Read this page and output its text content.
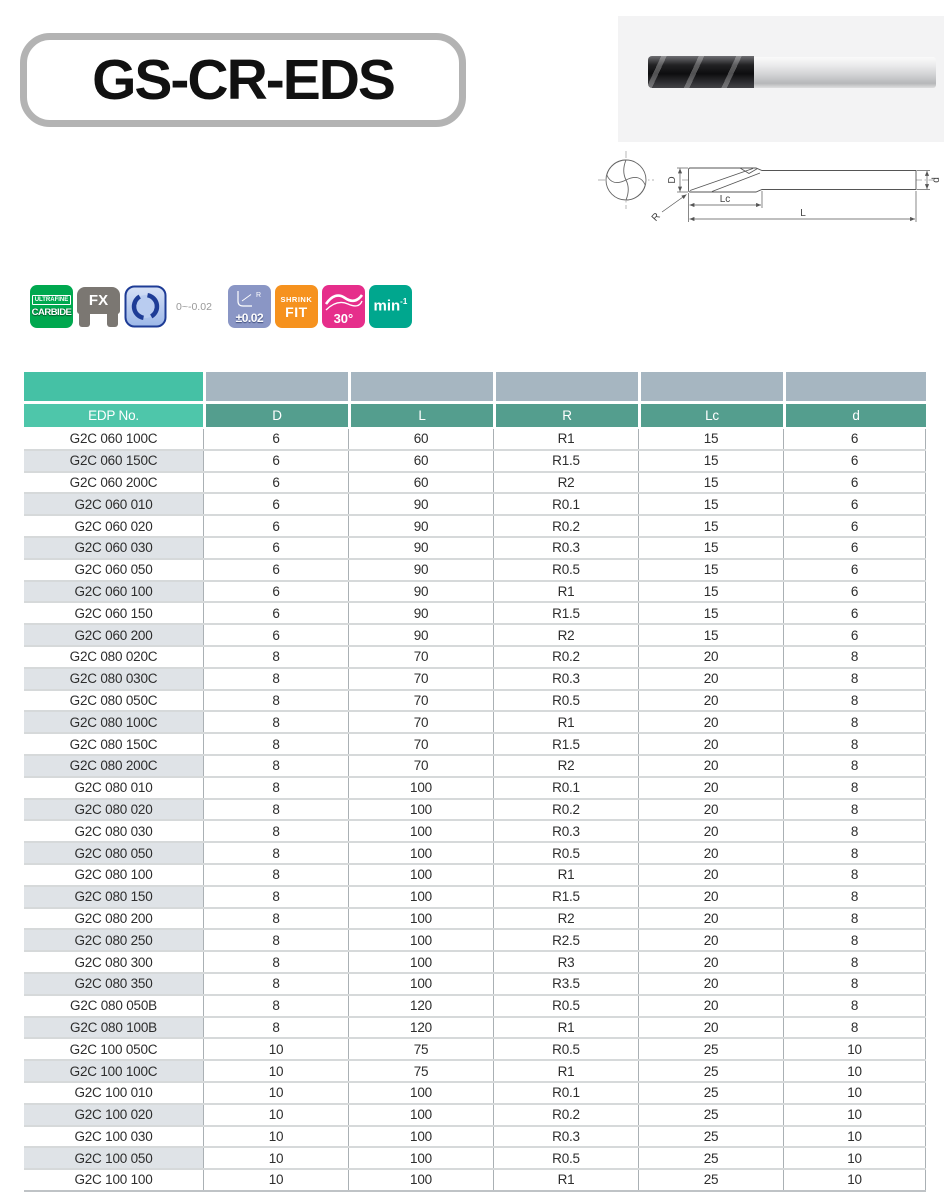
GS-CR-EDS
D	d
R
Lc
L
ULTRAFINE
CARBIDE
FX	0~-0.02
R
±0.02
SHRINK
FIT	30°
$\min^{-1}$
EDP No.	D	L	R	Lc	d
G2C 060 100C	6	60	R1	15	6
G2C 060 150C	6	60	R1.5	15	6
G2C 060 200C	6	60	R2	15	6
G2C 060 010	6	90	R0.1	15	6
G2C 060 020	6	90	R0.2	15	6
G2C 060 030	6	90	R0.3	15	6
G2C 060 050	6	90	R0.5	15	6
G2C 060 100	6	90	R1	15	6
G2C 060 150	6	90	R1.5	15	6
G2C 060 200	6	90	R2	15	6
G2C 080 020C	8	70	R0.2	20	8
G2C 080 030C	8	70	R0.3	20	8
G2C 080 050C	8	70	R0.5	20	8
G2C 080 100C	8	70	R1	20	8
G2C 080 150C	8	70	R1.5	20	8
G2C 080 200C	8	70	R2	20	8
G2C 080 010	8	100	R0.1	20	8
G2C 080 020	8	100	R0.2	20	8
G2C 080 030	8	100	R0.3	20	8
G2C 080 050	8	100	R0.5	20	8
G2C 080 100	8	100	R1	20	8
G2C 080 150	8	100	R1.5	20	8
G2C 080 200	8	100	R2	20	8
G2C 080 250	8	100	R2.5	20	8
G2C 080 300	8	100	R3	20	8
G2C 080 350	8	100	R3.5	20	8
G2C 080 050B	8	120	R0.5	20	8
G2C 080 100B	8	120	R1	20	8
G2C 100 050C	10	75	R0.5	25	10
G2C 100 100C	10	75	R1	25	10
G2C 100 010	10	100	R0.1	25	10
G2C 100 020	10	100	R0.2	25	10
G2C 100 030	10	100	R0.3	25	10
G2C 100 050	10	100	R0.5	25	10
G2C 100 100	10	100	R1	25	10
